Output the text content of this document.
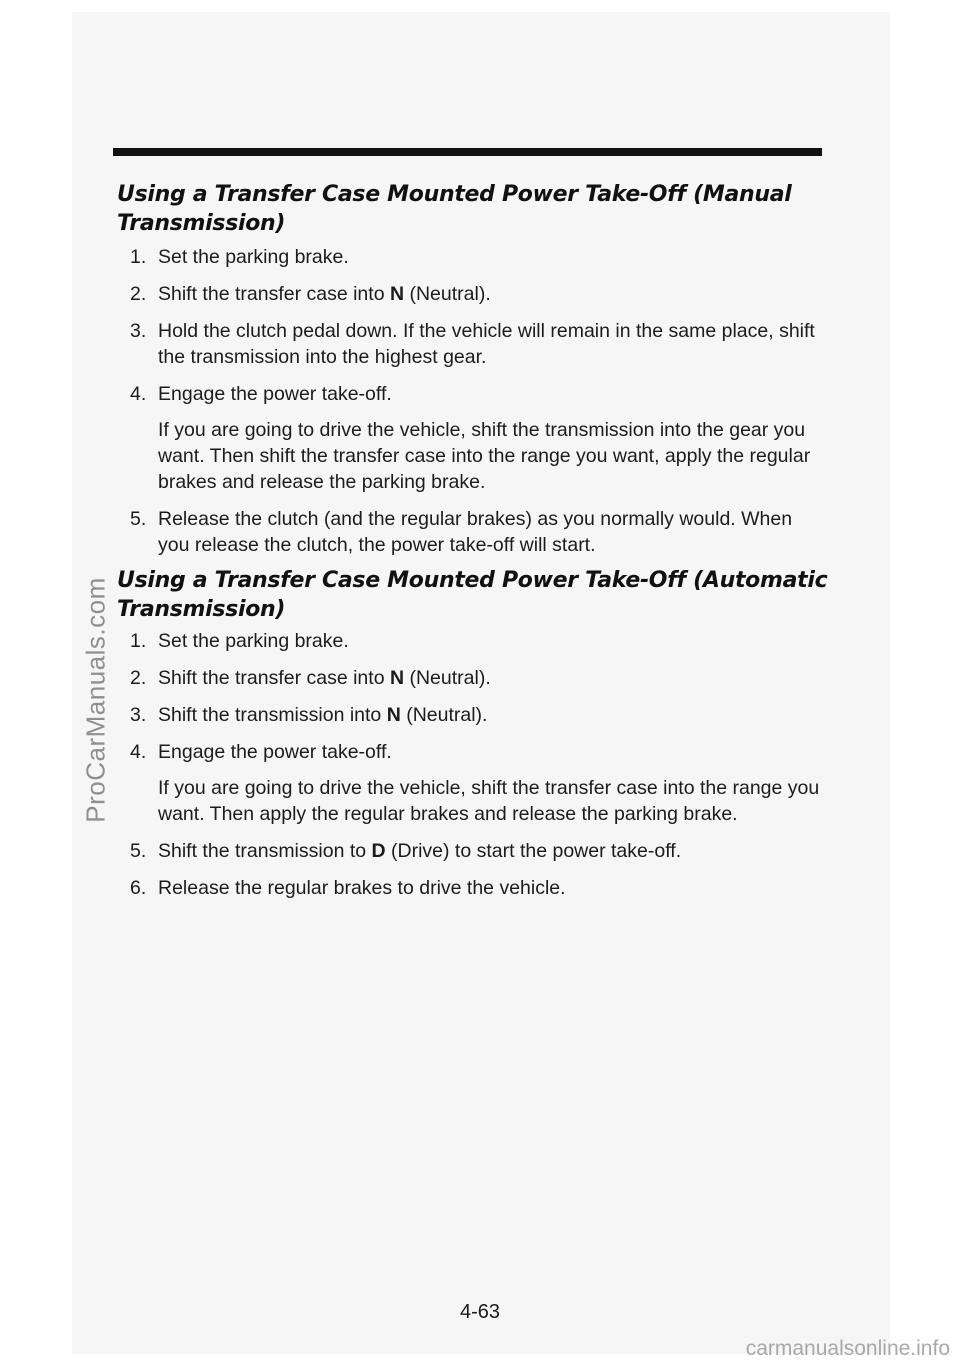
Using a Transfer Case Mounted Power Take-Off (Manual Transmission)
1. Set the parking brake.
2. Shift the transfer case into N (Neutral).
3. Hold the clutch pedal down. If the vehicle will remain in the same place, shift the transmission into the highest gear.
4. Engage the power take-off.
If you are going to drive the vehicle, shift the transmission into the gear you want. Then shift the transfer case into the range you want, apply the regular brakes and release the parking brake.
5. Release the clutch (and the regular brakes) as you normally would. When you release the clutch, the power take-off will start.
Using a Transfer Case Mounted Power Take-Off (Automatic Transmission)
1. Set the parking brake.
2. Shift the transfer case into N (Neutral).
3. Shift the transmission into N (Neutral).
4. Engage the power take-off.
If you are going to drive the vehicle, shift the transfer case into the range you want. Then apply the regular brakes and release the parking brake.
5. Shift the transmission to D (Drive) to start the power take-off.
6. Release the regular brakes to drive the vehicle.
4-63
ProCarManuals.com
carmanualsonline.info
